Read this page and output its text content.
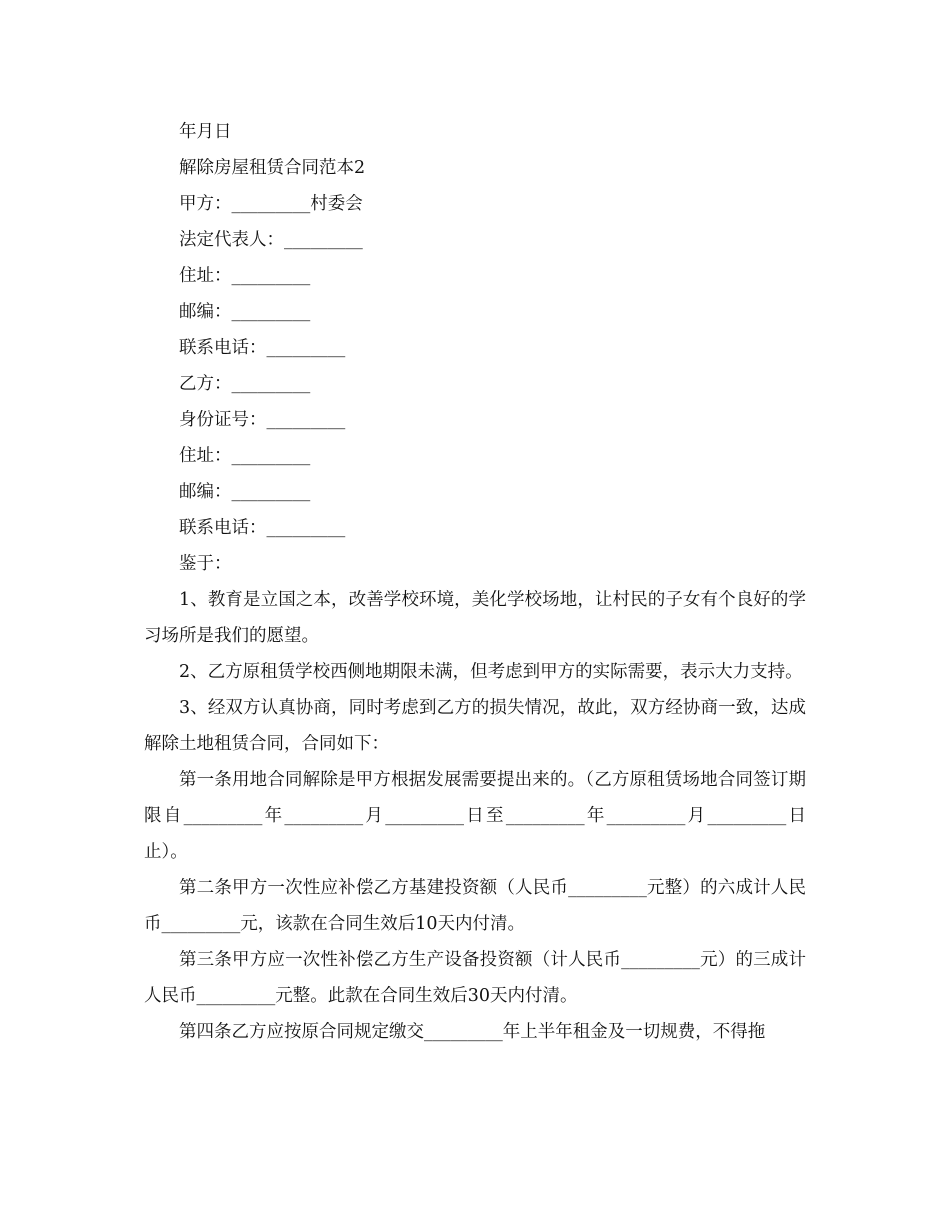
年月日
解除房屋租赁合同范本2
甲方：_________村委会
法定代表人：_________
住址：_________
邮编：_________
联系电话：_________
乙方：_________
身份证号：_________
住址：_________
邮编：_________
联系电话：_________
鉴于：

1、教育是立国之本，改善学校环境，美化学校场地，让村民的子女有个良好的学习场所是我们的愿望。

2、乙方原租赁学校西侧地期限未满，但考虑到甲方的实际需要，表示大力支持。

3、经双方认真协商，同时考虑到乙方的损失情况，故此，双方经协商一致，达成解除土地租赁合同，合同如下：

第一条用地合同解除是甲方根据发展需要提出来的。（乙方原租赁场地合同签订期限自_________年_________月_________日至_________年_________月_________日止）。

第二条甲方一次性应补偿乙方基建投资额（人民币_________元整）的六成计人民币_________元，该款在合同生效后10天内付清。

第三条甲方应一次性补偿乙方生产设备投资额（计人民币_________元）的三成计人民币_________元整。此款在合同生效后30天内付清。

第四条乙方应按原合同规定缴交_________年上半年租金及一切规费，不得拖
